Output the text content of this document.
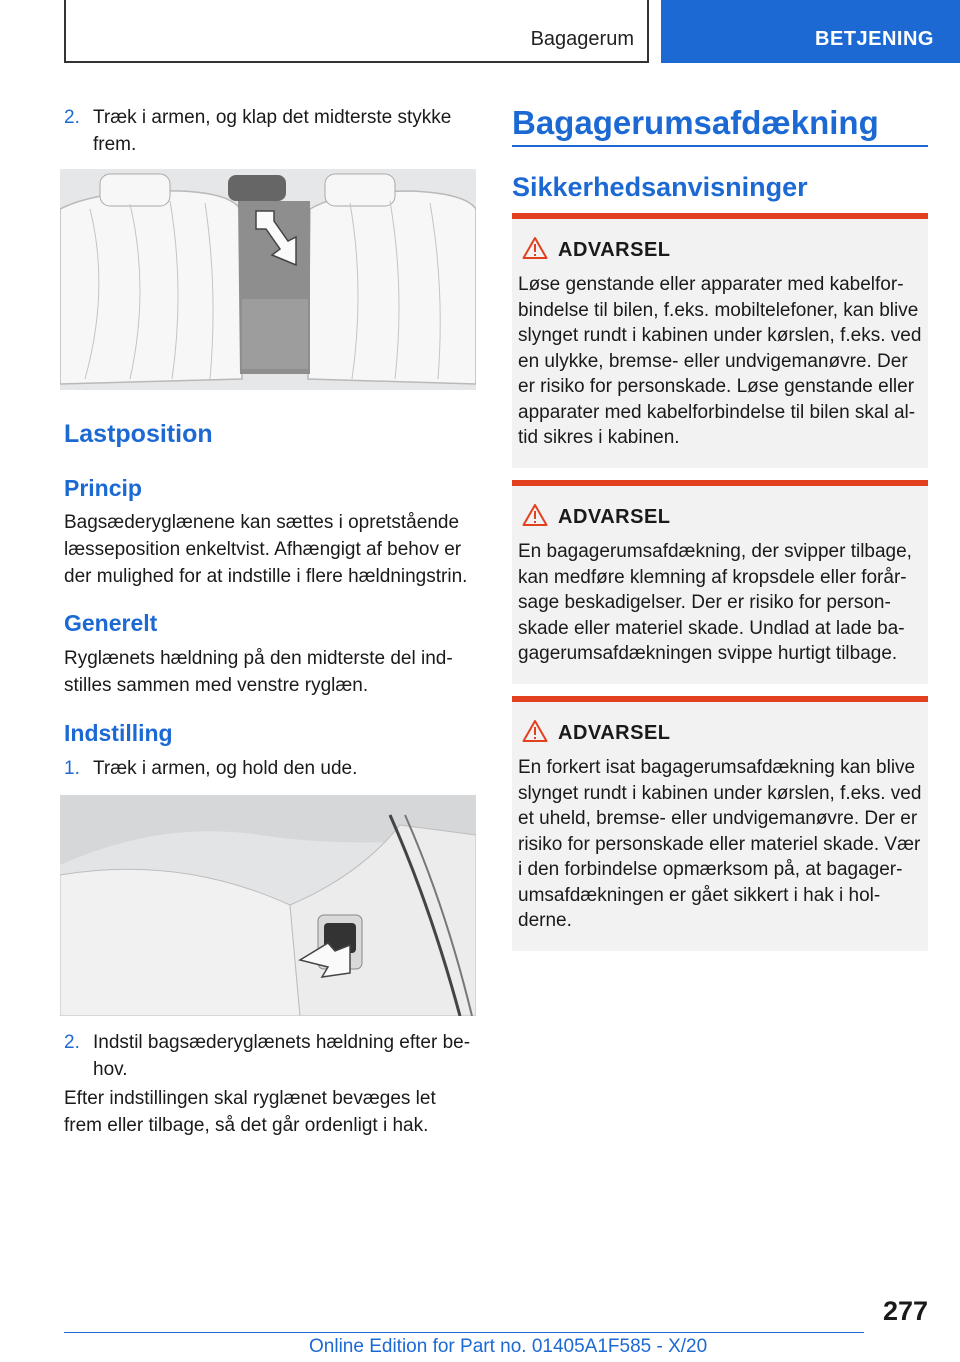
Bagagerum	BETJENING
2. Træk i armen, og klap det midterste stykke frem.
Lastposition
Princip
Bagsæderyglænene kan sættes i opretstående læsseposition enkeltvist. Afhængigt af behov er der mulighed for at indstille i flere hældningstrin.
Generelt
Ryglænets hældning på den midterste del indstilles sammen med venstre ryglæn.
Indstilling
1. Træk i armen, og hold den ude.
2. Indstil bagsæderyglænets hældning efter behov.
Efter indstillingen skal ryglænet bevæges let frem eller tilbage, så det går ordenligt i hak.
Bagagerumsafdækning
Sikkerhedsanvisninger
ADVARSEL
Løse genstande eller apparater med kabelforbindelse til bilen, f.eks. mobiltelefoner, kan blive slynget rundt i kabinen under kørslen, f.eks. ved en ulykke, bremse- eller undvigemanøvre. Der er risiko for personskade. Løse genstande eller apparater med kabelforbindelse til bilen skal altid sikres i kabinen.
ADVARSEL
En bagagerumsafdækning, der svipper tilbage, kan medføre klemning af kropsdele eller forårsage beskadigelser. Der er risiko for personskade eller materiel skade. Undlad at lade bagagerumsafdækningen svippe hurtigt tilbage.
ADVARSEL
En forkert isat bagagerumsafdækning kan blive slynget rundt i kabinen under kørslen, f.eks. ved et uheld, bremse- eller undvigemanøvre. Der er risiko for personskade eller materiel skade. Vær i den forbindelse opmærksom på, at bagagerumsafdækningen er gået sikkert i hak i holderne.
277
Online Edition for Part no. 01405A1F585 - X/20
